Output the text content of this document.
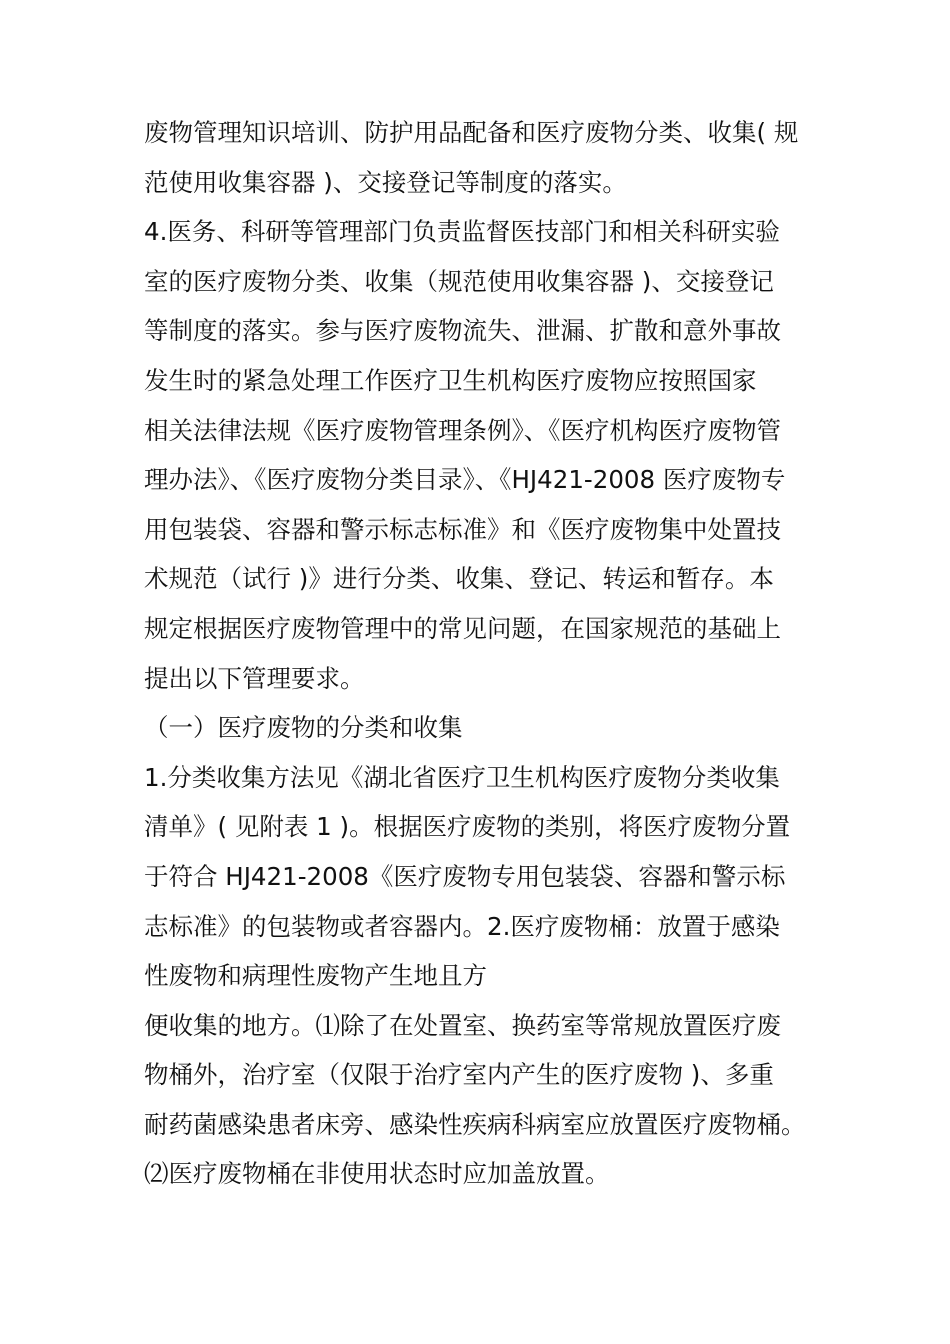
废物管理知识培训、防护用品配备和医疗废物分类、收集( 规
范使用收集容器 )、交接登记等制度的落实。
4.医务、科研等管理部门负责监督医技部门和相关科研实验
室的医疗废物分类、收集（规范使用收集容器 )、交接登记
等制度的落实。参与医疗废物流失、泄漏、扩散和意外事故
发生时的紧急处理工作医疗卫生机构医疗废物应按照国家
相关法律法规《医疗废物管理条例》、《医疗机构医疗废物管
理办法》、《医疗废物分类目录》、《HJ421-2008 医疗废物专
用包装袋、容器和警示标志标准》和《医疗废物集中处置技
术规范（试行 )》进行分类、收集、登记、转运和暂存。本
规定根据医疗废物管理中的常见问题，在国家规范的基础上
提出以下管理要求。
（一）医疗废物的分类和收集
1.分类收集方法见《湖北省医疗卫生机构医疗废物分类收集
清单》( 见附表 1 )。根据医疗废物的类别，将医疗废物分置
于符合 HJ421-2008《医疗废物专用包装袋、容器和警示标
志标准》的包装物或者容器内。2.医疗废物桶：放置于感染
性废物和病理性废物产生地且方
便收集的地方。⑴除了在处置室、换药室等常规放置医疗废
物桶外，治疗室（仅限于治疗室内产生的医疗废物 )、多重
耐药菌感染患者床旁、感染性疾病科病室应放置医疗废物桶。
⑵医疗废物桶在非使用状态时应加盖放置。
